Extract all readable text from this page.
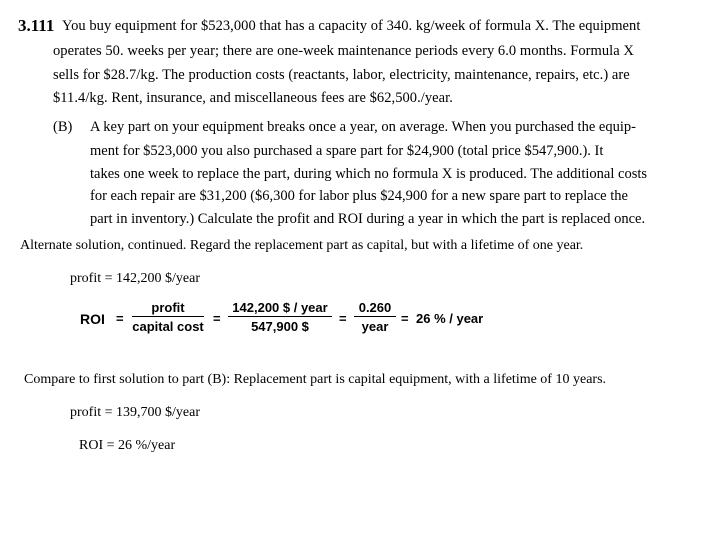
3.111 You buy equipment for $523,000 that has a capacity of 340. kg/week of formula X. The equipment
operates 50. weeks per year; there are one-week maintenance periods every 6.0 months. Formula X
sells for $28.7/kg. The production costs (reactants, labor, electricity, maintenance, repairs, etc.) are
$11.4/kg. Rent, insurance, and miscellaneous fees are $62,500./year.
(B) A key part on your equipment breaks once a year, on average. When you purchased the equip-
ment for $523,000 you also purchased a spare part for $24,900 (total price $547,900.). It
takes one week to replace the part, during which no formula X is produced. The additional costs
for each repair are $31,200 ($6,300 for labor plus $24,900 for a new spare part to replace the
part in inventory.) Calculate the profit and ROI during a year in which the part is replaced once.
Alternate solution, continued. Regard the replacement part as capital, but with a lifetime of one year.
profit = 142,200 $/year
ROI =
profit
capital cost
=
142,200 $ / year
547,900 $
=
0.260
year
= 26 % / year
Compare to first solution to part (B): Replacement part is capital equipment, with a lifetime of 10 years.
profit = 139,700 $/year
ROI = 26 %/year
